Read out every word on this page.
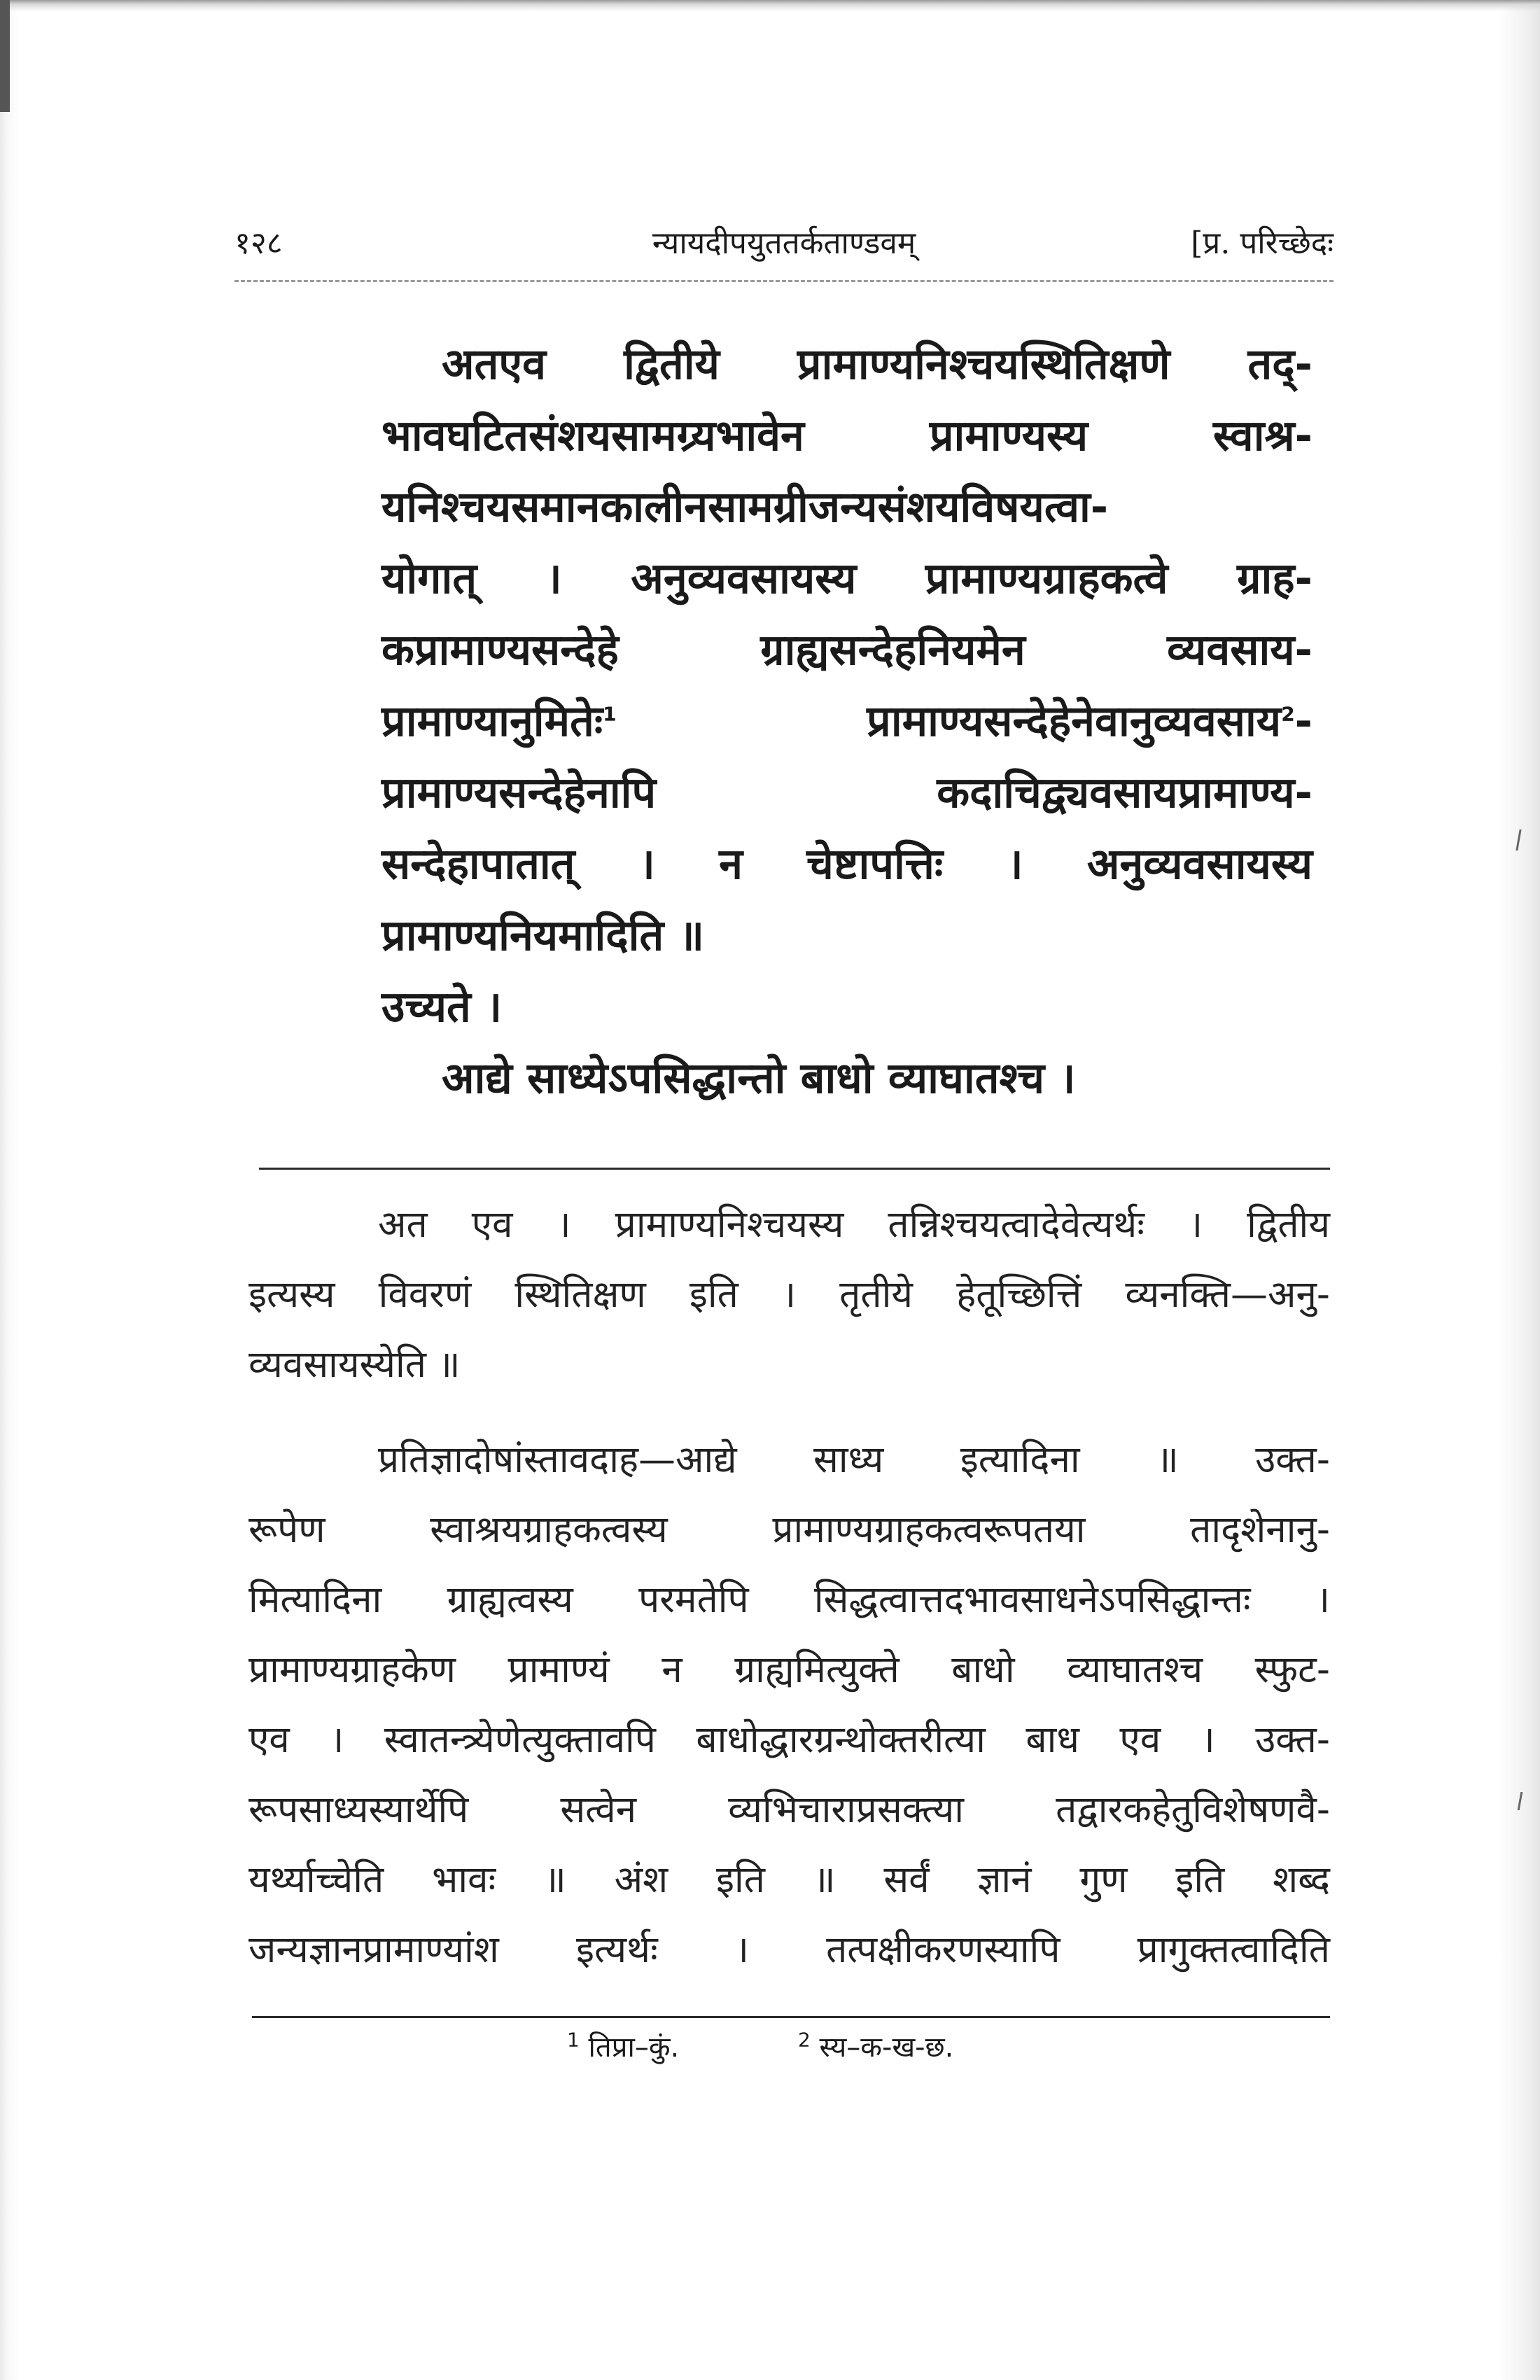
१२८	न्यायदीपयुततर्कताण्डवम्	[प्र. परिच्छेदः
अतएव द्वितीये प्रामाण्यनिश्चयस्थितिक्षणे तद्-
भावघटितसंशयसामग्र्यभावेन प्रामाण्यस्य स्वाश्र-
यनिश्चयसमानकालीनसामग्रीजन्यसंशयविषयत्वा-
योगात् । अनुव्यवसायस्य प्रामाण्यग्राहकत्वे ग्राह-
कप्रामाण्यसन्देहे ग्राह्यसन्देहनियमेन व्यवसाय-
प्रामाण्यानुमितेः$^1$	प्रामाण्यसन्देहेनेवानुव्यवसाय$^2$-
प्रामाण्यसन्देहेनापि कदाचिद्व्यवसायप्रामाण्य-
सन्देहापातात् । न चेष्टापत्तिः । अनुव्यवसायस्य
प्रामाण्यनियमादिति ॥
उच्यते ।
आद्ये साध्येऽपसिद्धान्तो बाधो व्याघातश्च ।
अत एव । प्रामाण्यनिश्चयस्य तन्निश्चयत्वादेवेत्यर्थः । द्वितीय
इत्यस्य विवरणं स्थितिक्षण इति । तृतीये हेतूच्छित्तिं व्यनक्ति—अनु-
व्यवसायस्येति ॥
प्रतिज्ञादोषांस्तावदाह—आद्ये साध्य इत्यादिना ॥ उक्त-
रूपेण स्वाश्रयग्राहकत्वस्य प्रामाण्यग्राहकत्वरूपतया तादृशेनानु-
मित्यादिना ग्राह्यत्वस्य परमतेपि सिद्धत्वात्तदभावसाधनेऽपसिद्धान्तः ।
प्रामाण्यग्राहकेण प्रामाण्यं न ग्राह्यमित्युक्ते बाधो व्याघातश्च स्फुट-
एव । स्वातन्त्र्येणेत्युक्तावपि बाधोद्धारग्रन्थोक्तरीत्या बाध एव । उक्त-
रूपसाध्यस्यार्थेपि सत्वेन व्यभिचाराप्रसक्त्या तद्वारकहेतुविशेषणवै-
यर्थ्याच्चेति भावः ॥ अंश इति ॥ सर्वं ज्ञानं गुण इति शब्द
जन्यज्ञानप्रामाण्यांश इत्यर्थः । तत्पक्षीकरणस्यापि प्रागुक्तत्वादिति
$^1$ तिप्रा–कुं.	$^2$ स्य–क-ख-छ.
